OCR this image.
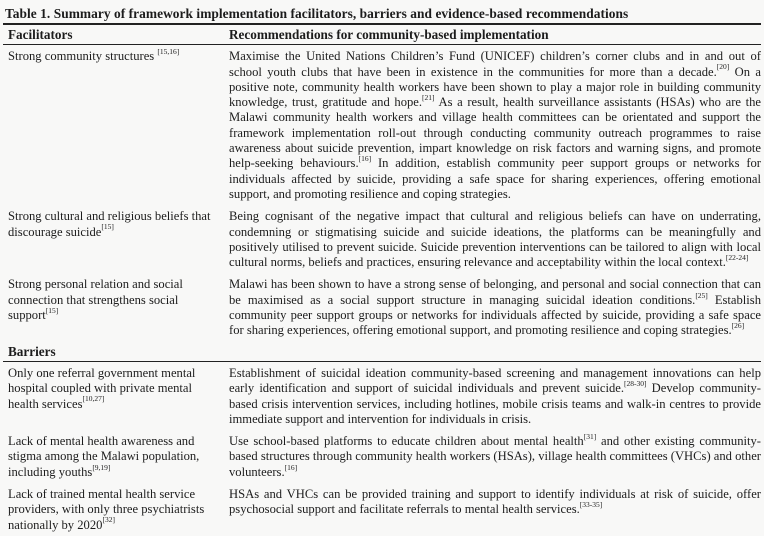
Table 1. Summary of framework implementation facilitators, barriers and evidence-based recommendations
Facilitators	Recommendations for community-based implementation
Strong community structures [15,16]	Maximise the United Nations Children’s Fund (UNICEF) children’s corner clubs and in and out of school youth clubs that have been in existence in the communities for more than a decade.[20] On a positive note, community health workers have been shown to play a major role in building community knowledge, trust, gratitude and hope.[21] As a result, health surveillance assistants (HSAs) who are the Malawi community health workers and village health committees can be orientated and support the framework implementation roll-out through conducting community outreach programmes to raise awareness about suicide prevention, impart knowledge on risk factors and warning signs, and promote help-seeking behaviours.[16] In addition, establish community peer support groups or networks for individuals affected by suicide, providing a safe space for sharing experiences, offering emotional support, and promoting resilience and coping strategies.
Strong cultural and religious beliefs that discourage suicide[15]	Being cognisant of the negative impact that cultural and religious beliefs can have on underrating, condemning or stigmatising suicide and suicide ideations, the platforms can be meaningfully and positively utilised to prevent suicide. Suicide prevention interventions can be tailored to align with local cultural norms, beliefs and practices, ensuring relevance and acceptability within the local context.[22-24]
Strong personal relation and social connection that strengthens social support[15]	Malawi has been shown to have a strong sense of belonging, and personal and social connection that can be maximised as a social support structure in managing suicidal ideation conditions.[25] Establish community peer support groups or networks for individuals affected by suicide, providing a safe space for sharing experiences, offering emotional support, and promoting resilience and coping strategies.[26]
Barriers	
Only one referral government mental hospital coupled with private mental health services[10,27]	Establishment of suicidal ideation community-based screening and management innovations can help early identification and support of suicidal individuals and prevent suicide.[28-30] Develop community-based crisis intervention services, including hotlines, mobile crisis teams and walk-in centres to provide immediate support and intervention for individuals in crisis.
Lack of mental health awareness and stigma among the Malawi population, including youths[9,19]	Use school-based platforms to educate children about mental health[31] and other existing community-based structures through community health workers (HSAs), village health committees (VHCs) and other volunteers.[16]
Lack of trained mental health service providers, with only three psychiatrists nationally by 2020[32]	HSAs and VHCs can be provided training and support to identify individuals at risk of suicide, offer psychosocial support and facilitate referrals to mental health services.[33-35]
